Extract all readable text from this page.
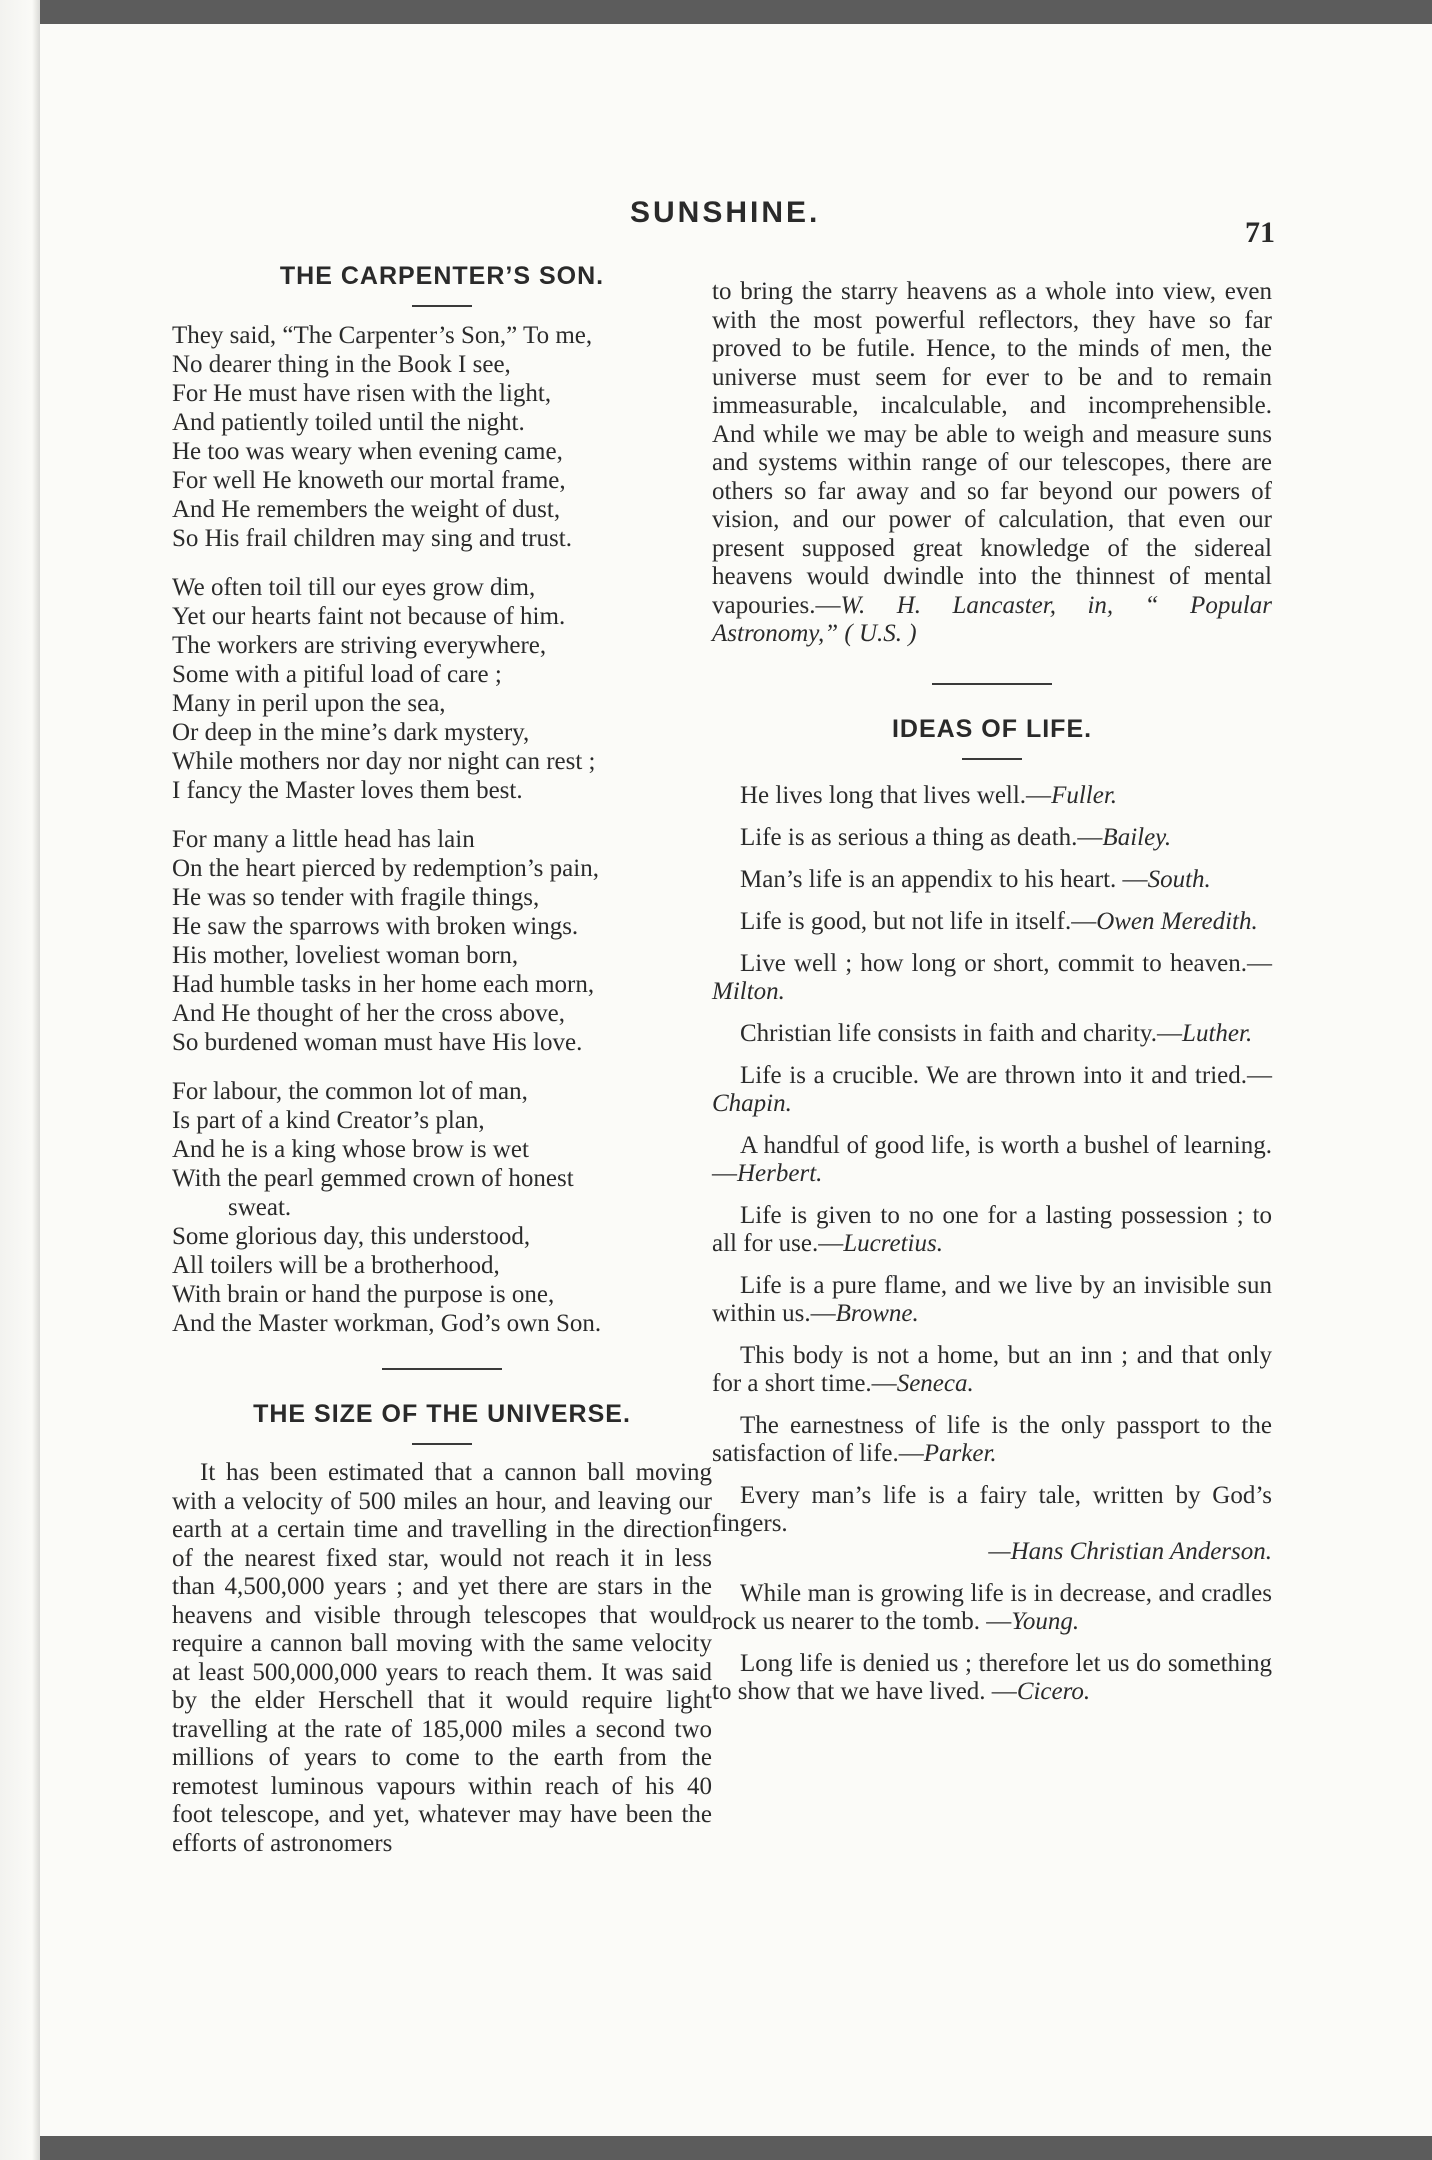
SUNSHINE.
71
THE CARPENTER’S SON.
They said, “The Carpenter’s Son,” To me,
No dearer thing in the Book I see,
For He must have risen with the light,
And patiently toiled until the night.
He too was weary when evening came,
For well He knoweth our mortal frame,
And He remembers the weight of dust,
So His frail children may sing and trust.
We often toil till our eyes grow dim,
Yet our hearts faint not because of him.
The workers are striving everywhere,
Some with a pitiful load of care ;
Many in peril upon the sea,
Or deep in the mine’s dark mystery,
While mothers nor day nor night can rest ;
I fancy the Master loves them best.
For many a little head has lain
On the heart pierced by redemption’s pain,
He was so tender with fragile things,
He saw the sparrows with broken wings.
His mother, loveliest woman born,
Had humble tasks in her home each morn,
And He thought of her the cross above,
So burdened woman must have His love.
For labour, the common lot of man,
Is part of a kind Creator’s plan,
And he is a king whose brow is wet
With the pearl gemmed crown of honest
sweat.
Some glorious day, this understood,
All toilers will be a brotherhood,
With brain or hand the purpose is one,
And the Master workman, God’s own Son.
THE SIZE OF THE UNIVERSE.

It has been estimated that a cannon ball moving with a velocity of 500 miles an hour, and leaving our earth at a certain time and travelling in the direction of the nearest fixed star, would not reach it in less than 4,500,000 years ; and yet there are stars in the heavens and visible through telescopes that would require a cannon ball moving with the same velocity at least 500,000,000 years to reach them. It was said by the elder Herschell that it would require light travelling at the rate of 185,000 miles a second two millions of years to come to the earth from the remotest luminous vapours within reach of his 40 foot telescope, and yet, whatever may have been the efforts of astronomers

to bring the starry heavens as a whole into view, even with the most powerful reflectors, they have so far proved to be futile. Hence, to the minds of men, the universe must seem for ever to be and to remain immeasurable, incalculable, and incomprehensible. And while we may be able to weigh and measure suns and systems within range of our telescopes, there are others so far away and so far beyond our powers of vision, and our power of calculation, that even our present supposed great knowledge of the sidereal heavens would dwindle into the thinnest of mental vapouries.—W. H. Lancaster, in, “ Popular Astronomy,” ( U.S. )

IDEAS OF LIFE.

He lives long that lives well.—Fuller.

Life is as serious a thing as death.—Bailey.

Man’s life is an appendix to his heart. —South.

Life is good, but not life in itself.—Owen Meredith.

Live well ; how long or short, commit to heaven.—Milton.

Christian life consists in faith and charity.—Luther.

Life is a crucible. We are thrown into it and tried.—Chapin.

A handful of good life, is worth a bushel of learning.—Herbert.

Life is given to no one for a lasting possession ; to all for use.—Lucretius.

Life is a pure flame, and we live by an invisible sun within us.—Browne.

This body is not a home, but an inn ; and that only for a short time.—Seneca.

The earnestness of life is the only passport to the satisfaction of life.—Parker.

Every man’s life is a fairy tale, written by God’s fingers.
—Hans Christian Anderson.

While man is growing life is in decrease, and cradles rock us nearer to the tomb. —Young.

Long life is denied us ; therefore let us do something to show that we have lived. —Cicero.
